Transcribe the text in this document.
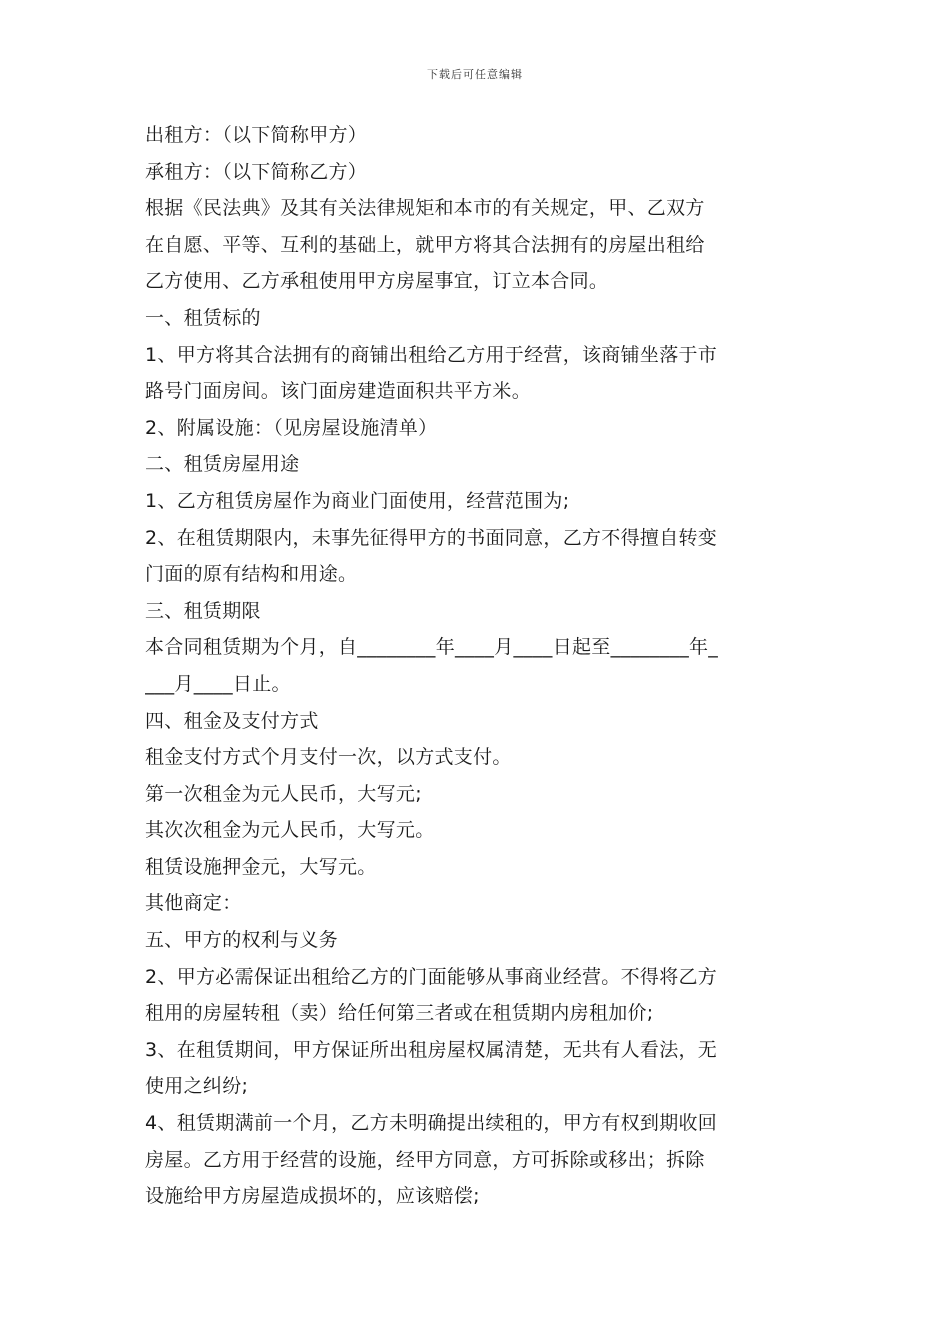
下载后可任意编辑
出租方：（以下简称甲方）
承租方：（以下简称乙方）
根据《民法典》及其有关法律规矩和本市的有关规定，甲、乙双方
在自愿、平等、互利的基础上，就甲方将其合法拥有的房屋出租给
乙方使用、乙方承租使用甲方房屋事宜，订立本合同。
一、租赁标的
1、甲方将其合法拥有的商铺出租给乙方用于经营，该商铺坐落于市
路号门面房间。该门面房建造面积共平方米。
2、附属设施：（见房屋设施清单）
二、租赁房屋用途
1、乙方租赁房屋作为商业门面使用，经营范围为;
2、在租赁期限内，未事先征得甲方的书面同意，乙方不得擅自转变
门面的原有结构和用途。
三、租赁期限
本合同租赁期为个月，自________年____月____日起至________年_
___月____日止。
四、租金及支付方式
租金支付方式个月支付一次，以方式支付。
第一次租金为元人民币，大写元;
其次次租金为元人民币，大写元。
租赁设施押金元，大写元。
其他商定：
五、甲方的权利与义务
2、甲方必需保证出租给乙方的门面能够从事商业经营。不得将乙方
租用的房屋转租（卖）给任何第三者或在租赁期内房租加价;
3、在租赁期间，甲方保证所出租房屋权属清楚，无共有人看法，无
使用之纠纷;
4、租赁期满前一个月，乙方未明确提出续租的，甲方有权到期收回
房屋。乙方用于经营的设施，经甲方同意，方可拆除或移出；拆除
设施给甲方房屋造成损坏的，应该赔偿;
